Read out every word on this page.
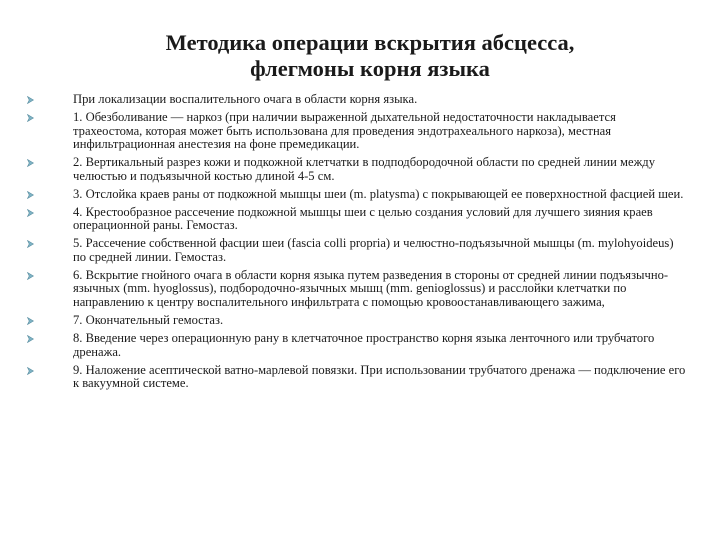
Методика операции вскрытия абсцесса,
флегмоны корня языка
При локализации воспалительного очага в области корня языка.
1. Обезболивание — наркоз (при наличии выраженной дыхательной недостаточности накладывается трахеостома, которая может быть использована для проведения эндотрахеального наркоза), местная инфильтрационная анестезия на фоне премедикации.
2. Вертикальный разрез кожи и подкожной клетчатки в подподбородочной области по средней линии между челюстью и подъязычной костью длиной 4-5 см.
3. Отслойка краев раны от подкожной мышцы шеи (m. platysma) с покрывающей ее поверхностной фасцией шеи.
4. Крестообразное рассечение подкожной мышцы шеи с целью создания условий для лучшего зияния краев операционной раны. Гемостаз.
5. Рассечение собственной фасции шеи (fascia colli propria) и челюстно-подъязычной мышцы (m. mylohyoideus) по средней линии. Гемостаз.
6. Вскрытие гнойного очага в области корня языка путем разведения в стороны от средней линии подъязычно-язычных (mm. hyoglossus), подбородочно-язычных мышц (mm. genioglossus) и расслойки клетчатки по направлению к центру воспалительного инфильтрата с помощью кровоостанавливающего зажима,
7. Окончательный гемостаз.
8. Введение через операционную рану в клетчаточное пространство корня языка ленточного или трубчатого дренажа.
9. Наложение асептической ватно-марлевой повязки. При использовании трубчатого дренажа — подключение его к вакуумной системе.
